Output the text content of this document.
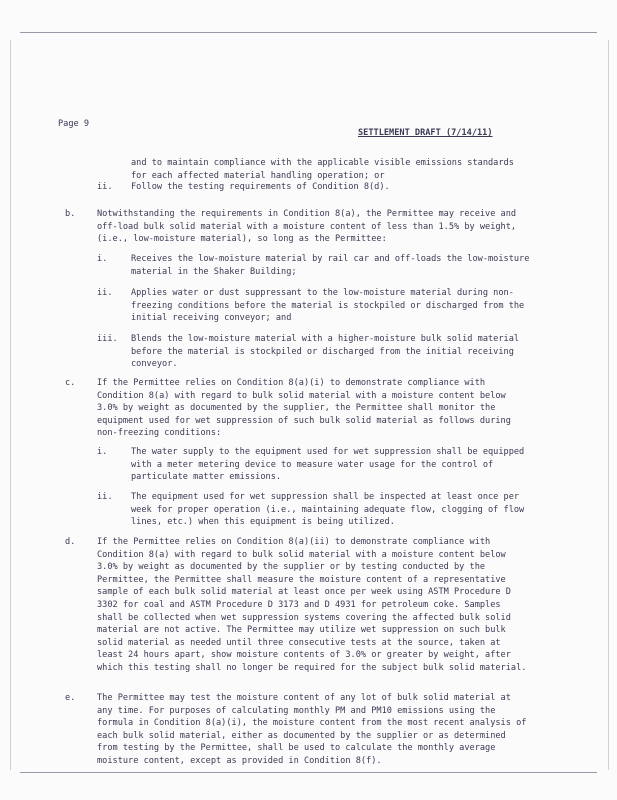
Page 9
SETTLEMENT DRAFT (7/14/11)
and to maintain compliance with the applicable visible emissions standards
for each affected material handling operation; or
ii. Follow the testing requirements of Condition 8(d).
b.	Notwithstanding the requirements in Condition 8(a), the Permittee may receive and
off-load bulk solid material with a moisture content of less than 1.5% by weight,
(i.e., low-moisture material), so long as the Permittee:
i.	Receives the low-moisture material by rail car and off-loads the low-moisture
material in the Shaker Building;
ii. Applies water or dust suppressant to the low-moisture material during non-
freezing conditions before the material is stockpiled or discharged from the
initial receiving conveyor; and
iii. Blends the low-moisture material with a higher-moisture bulk solid material
before the material is stockpiled or discharged from the initial receiving
conveyor.
c.	If the Permittee relies on Condition 8(a)(i) to demonstrate compliance with
Condition 8(a) with regard to bulk solid material with a moisture content below
3.0% by weight as documented by the supplier, the Permittee shall monitor the
equipment used for wet suppression of such bulk solid material as follows during
non-freezing conditions:
i.	The water supply to the equipment used for wet suppression shall be equipped
with a meter metering device to measure water usage for the control of
particulate matter emissions.
ii. The equipment used for wet suppression shall be inspected at least once per
week for proper operation (i.e., maintaining adequate flow, clogging of flow
lines, etc.) when this equipment is being utilized.
d.	If the Permittee relies on Condition 8(a)(ii) to demonstrate compliance with
Condition 8(a) with regard to bulk solid material with a moisture content below
3.0% by weight as documented by the supplier or by testing conducted by the
Permittee, the Permittee shall measure the moisture content of a representative
sample of each bulk solid material at least once per week using ASTM Procedure D
3302 for coal and ASTM Procedure D 3173 and D 4931 for petroleum coke. Samples
shall be collected when wet suppression systems covering the affected bulk solid
material are not active. The Permittee may utilize wet suppression on such bulk
solid material as needed until three consecutive tests at the source, taken at
least 24 hours apart, show moisture contents of 3.0% or greater by weight, after
which this testing shall no longer be required for the subject bulk solid material.
e.	The Permittee may test the moisture content of any lot of bulk solid material at
any time. For purposes of calculating monthly PM and PM10 emissions using the
formula in Condition 8(a)(i), the moisture content from the most recent analysis of
each bulk solid material, either as documented by the supplier or as determined
from testing by the Permittee, shall be used to calculate the monthly average
moisture content, except as provided in Condition 8(f).
